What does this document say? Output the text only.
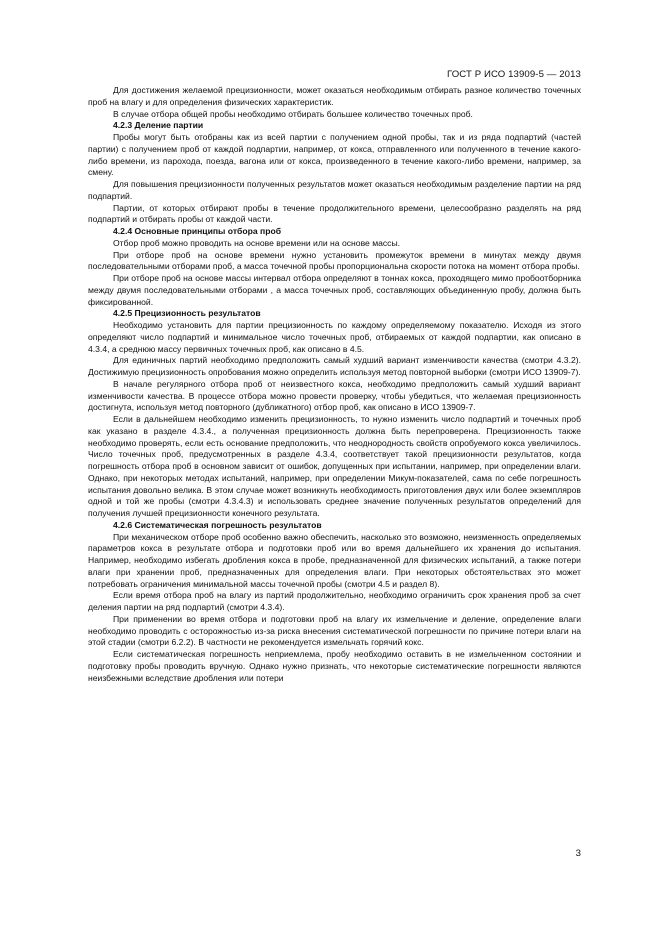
ГОСТ Р ИСО 13909-5 — 2013

Для достижения желаемой прецизионности, может оказаться необходимым отбирать разное количество точечных проб на влагу и для определения физических характеристик.

В случае отбора общей пробы необходимо отбирать большее количество точечных проб.

4.2.3 Деление партии

Пробы могут быть отобраны как из всей партии с получением одной пробы, так и из ряда подпартий (частей партии) с получением проб от каждой подпартии, например, от кокса, отправленного или полученного в течение какого-либо времени, из парохода, поезда, вагона или от кокса, произведенного в течение какого-либо времени, например, за смену.

Для повышения прецизионности полученных результатов может оказаться необходимым разделение партии на ряд подпартий.

Партии, от которых отбирают пробы в течение продолжительного времени, целесообразно разделять на ряд подпартий и отбирать пробы от каждой части.

4.2.4 Основные принципы отбора проб

Отбор проб можно проводить на основе времени или на основе массы.

При отборе проб на основе времени нужно установить промежуток времени в минутах между двумя последовательными отборами проб, а масса точечной пробы пропорциональна скорости потока на момент отбора пробы.

При отборе проб на основе массы интервал отбора определяют в тоннах кокса, проходящего мимо пробоотборника между двумя последовательными отборами , а масса точечных проб, составляющих объединенную пробу, должна быть фиксированной.

4.2.5 Прецизионность результатов

Необходимо установить для партии прецизионность по каждому определяемому показателю. Исходя из этого определяют число подпартий и минимальное число точечных проб, отбираемых от каждой подпартии, как описано в 4.3.4, а среднюю массу первичных точечных проб, как описано в 4.5.

Для единичных партий необходимо предположить самый худший вариант изменчивости качества (смотри 4.3.2). Достижимую прецизионность опробования можно определить используя метод повторной выборки (смотри ИСО 13909-7).

В начале регулярного отбора проб от неизвестного кокса, необходимо предположить самый худший вариант изменчивости качества. В процессе отбора можно провести проверку, чтобы убедиться, что желаемая прецизионность достигнута, используя метод повторного (дубликатного) отбор проб, как описано в ИСО 13909-7.

Если в дальнейшем необходимо изменить прецизионность, то нужно изменить число подпартий и точечных проб как указано в разделе 4.3.4., а полученная прецизионность должна быть перепроверена. Прецизионность также необходимо проверять, если есть основание предположить, что неоднородность свойств опробуемого кокса увеличилось. Число точечных проб, предусмотренных в разделе 4.3.4, соответствует такой прецизионности результатов, когда погрешность отбора проб в основном зависит от ошибок, допущенных при испытании, например, при определении влаги. Однако, при некоторых методах испытаний, например, при определении Микум-показателей, сама по себе погрешность испытания довольно велика. В этом случае может возникнуть необходимость приготовления двух или более экземпляров одной и той же пробы (смотри 4.3.4.3) и использовать среднее значение полученных результатов определений для получения лучшей прецизионности конечного результата.

4.2.6 Систематическая погрешность результатов

При механическом отборе проб особенно важно обеспечить, насколько это возможно, неизменность определяемых параметров кокса в результате отбора и подготовки проб или во время дальнейшего их хранения до испытания. Например, необходимо избегать дробления кокса в пробе, предназначенной для физических испытаний, а также потери влаги при хранении проб, предназначенных для определения влаги. При некоторых обстоятельствах это может потребовать ограничения минимальной массы точечной пробы (смотри 4.5 и раздел 8).

Если время отбора проб на влагу из партий продолжительно, необходимо ограничить срок хранения проб за счет деления партии на ряд подпартий (смотри 4.3.4).

При применении во время отбора и подготовки проб на влагу их измельчение и деление, определение влаги необходимо проводить с осторожностью из-за риска внесения систематической погрешности по причине потери влаги на этой стадии (смотри 6.2.2). В частности не рекомендуется измельчать горячий кокс.

Если систематическая погрешность неприемлема, пробу необходимо оставить в не измельченном состоянии и подготовку пробы проводить вручную. Однако нужно признать, что некоторые систематические погрешности являются неизбежными вследствие дробления или потери

3
